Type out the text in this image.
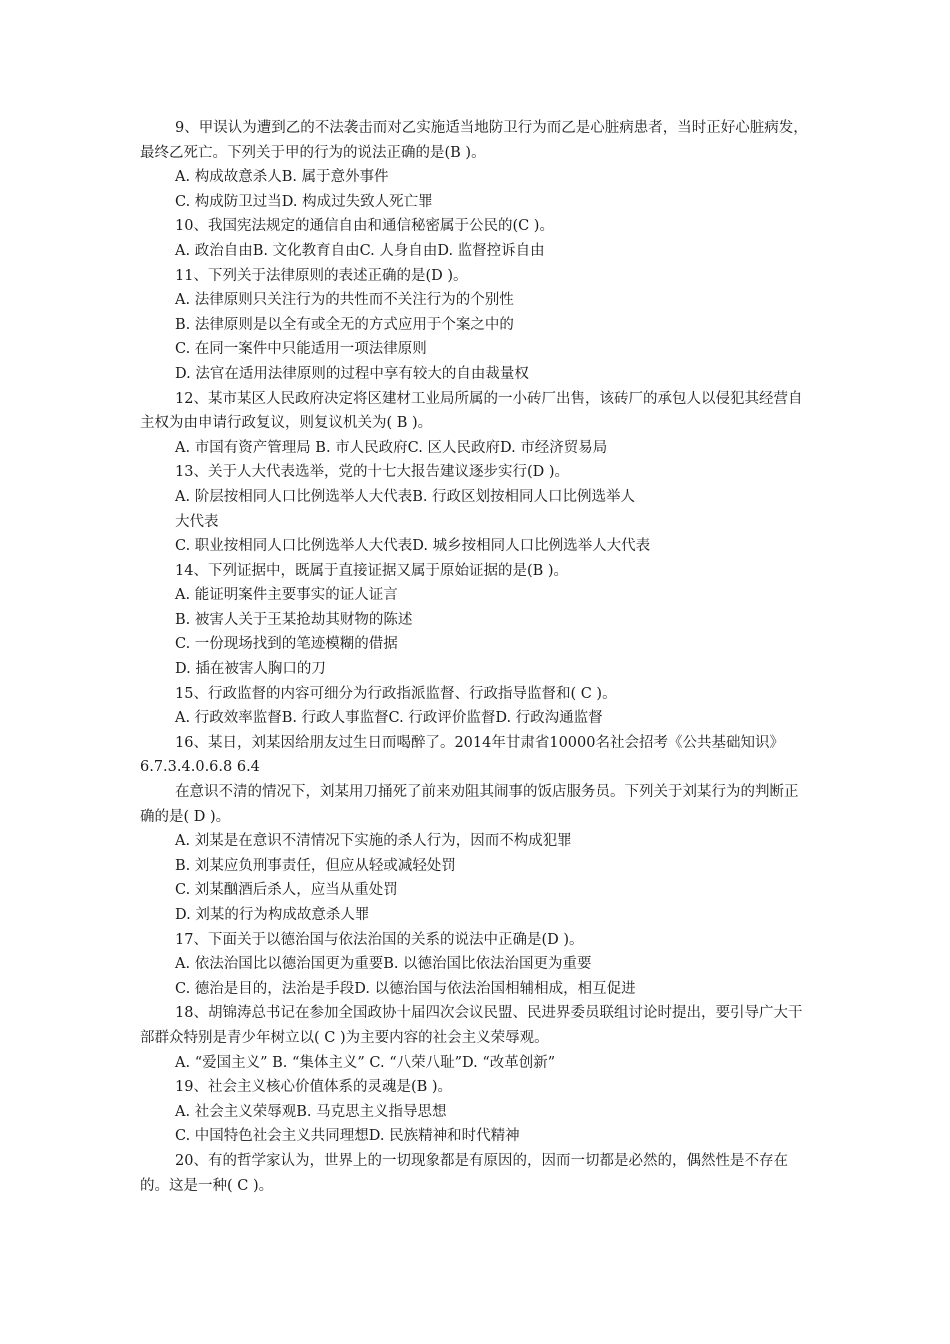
9、甲误认为遭到乙的不法袭击而对乙实施适当地防卫行为而乙是心脏病患者，当时正好心脏病发，最终乙死亡。下列关于甲的行为的说法正确的是(B )。
A. 构成故意杀人B. 属于意外事件
C. 构成防卫过当D. 构成过失致人死亡罪
10、我国宪法规定的通信自由和通信秘密属于公民的(C )。
A. 政治自由B. 文化教育自由C. 人身自由D. 监督控诉自由
11、下列关于法律原则的表述正确的是(D )。
A. 法律原则只关注行为的共性而不关注行为的个别性
B. 法律原则是以全有或全无的方式应用于个案之中的
C. 在同一案件中只能适用一项法律原则
D. 法官在适用法律原则的过程中享有较大的自由裁量权
12、某市某区人民政府决定将区建材工业局所属的一小砖厂出售，该砖厂的承包人以侵犯其经营自主权为由申请行政复议，则复议机关为( B )。
A. 市国有资产管理局 B. 市人民政府C. 区人民政府D. 市经济贸易局
13、关于人大代表选举，党的十七大报告建议逐步实行(D )。
A. 阶层按相同人口比例选举人大代表B. 行政区划按相同人口比例选举人
大代表
C. 职业按相同人口比例选举人大代表D. 城乡按相同人口比例选举人大代表
14、下列证据中，既属于直接证据又属于原始证据的是(B )。
A. 能证明案件主要事实的证人证言
B. 被害人关于王某抢劫其财物的陈述
C. 一份现场找到的笔迹模糊的借据
D. 插在被害人胸口的刀
15、行政监督的内容可细分为行政指派监督、行政指导监督和( C )。
A. 行政效率监督B. 行政人事监督C. 行政评价监督D. 行政沟通监督
16、某日，刘某因给朋友过生日而喝醉了。2014年甘肃省10000名社会招考《公共基础知识》6.7.3.4.0.6.8 6.4
在意识不清的情况下，刘某用刀捅死了前来劝阻其闹事的饭店服务员。下列关于刘某行为的判断正确的是( D )。
A. 刘某是在意识不清情况下实施的杀人行为，因而不构成犯罪
B. 刘某应负刑事责任，但应从轻或减轻处罚
C. 刘某酗酒后杀人，应当从重处罚
D. 刘某的行为构成故意杀人罪
17、下面关于以德治国与依法治国的关系的说法中正确是(D )。
A. 依法治国比以德治国更为重要B. 以德治国比依法治国更为重要
C. 德治是目的，法治是手段D. 以德治国与依法治国相辅相成，相互促进
18、胡锦涛总书记在参加全国政协十届四次会议民盟、民进界委员联组讨论时提出，要引导广大干部群众特别是青少年树立以( C )为主要内容的社会主义荣辱观。
A. “爱国主义” B. “集体主义” C. “八荣八耻”D. “改革创新”
19、社会主义核心价值体系的灵魂是(B )。
A. 社会主义荣辱观B. 马克思主义指导思想
C. 中国特色社会主义共同理想D. 民族精神和时代精神
20、有的哲学家认为，世界上的一切现象都是有原因的，因而一切都是必然的，偶然性是不存在的。这是一种( C )。
